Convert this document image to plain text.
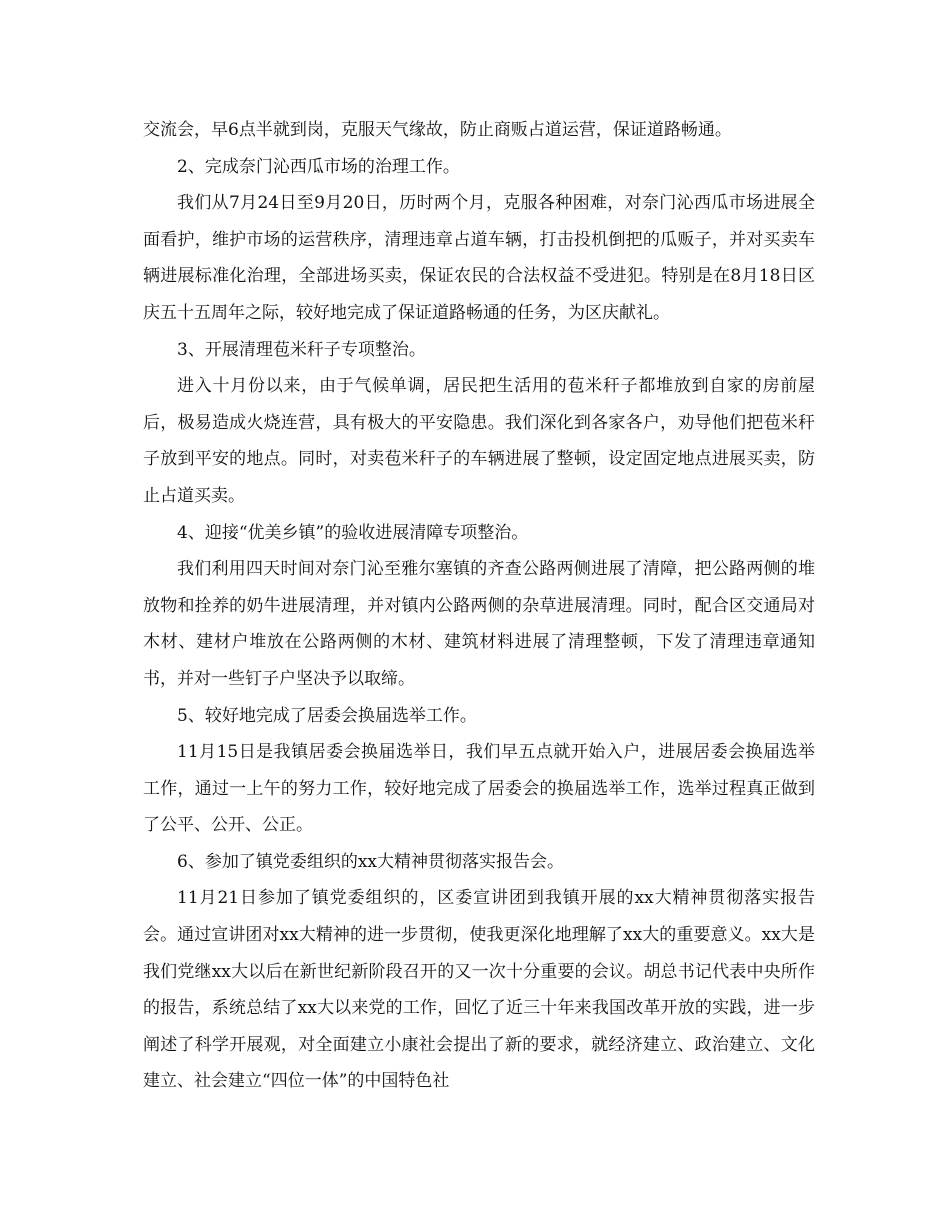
交流会，早6点半就到岗，克服天气缘故，防止商贩占道运营，保证道路畅通。

2、完成奈门沁西瓜市场的治理工作。

我们从7月24日至9月20日，历时两个月，克服各种困难，对奈门沁西瓜市场进展全面看护，维护市场的运营秩序，清理违章占道车辆，打击投机倒把的瓜贩子，并对买卖车辆进展标准化治理，全部进场买卖，保证农民的合法权益不受进犯。特别是在8月18日区庆五十五周年之际，较好地完成了保证道路畅通的任务，为区庆献礼。

3、开展清理苞米秆子专项整治。

进入十月份以来，由于气候单调，居民把生活用的苞米秆子都堆放到自家的房前屋后，极易造成火烧连营，具有极大的平安隐患。我们深化到各家各户，劝导他们把苞米秆子放到平安的地点。同时，对卖苞米秆子的车辆进展了整顿，设定固定地点进展买卖，防止占道买卖。

4、迎接“优美乡镇”的验收进展清障专项整治。

我们利用四天时间对奈门沁至雅尔塞镇的齐查公路两侧进展了清障，把公路两侧的堆放物和拴养的奶牛进展清理，并对镇内公路两侧的杂草进展清理。同时，配合区交通局对木材、建材户堆放在公路两侧的木材、建筑材料进展了清理整顿，下发了清理违章通知书，并对一些钉子户坚决予以取缔。

5、较好地完成了居委会换届选举工作。

11月15日是我镇居委会换届选举日，我们早五点就开始入户，进展居委会换届选举工作，通过一上午的努力工作，较好地完成了居委会的换届选举工作，选举过程真正做到了公平、公开、公正。

6、参加了镇党委组织的xx大精神贯彻落实报告会。

11月21日参加了镇党委组织的，区委宣讲团到我镇开展的xx大精神贯彻落实报告会。通过宣讲团对xx大精神的进一步贯彻，使我更深化地理解了xx大的重要意义。xx大是我们党继xx大以后在新世纪新阶段召开的又一次十分重要的会议。胡总书记代表中央所作的报告，系统总结了xx大以来党的工作，回忆了近三十年来我国改革开放的实践，进一步阐述了科学开展观，对全面建立小康社会提出了新的要求，就经济建立、政治建立、文化建立、社会建立“四位一体”的中国特色社
